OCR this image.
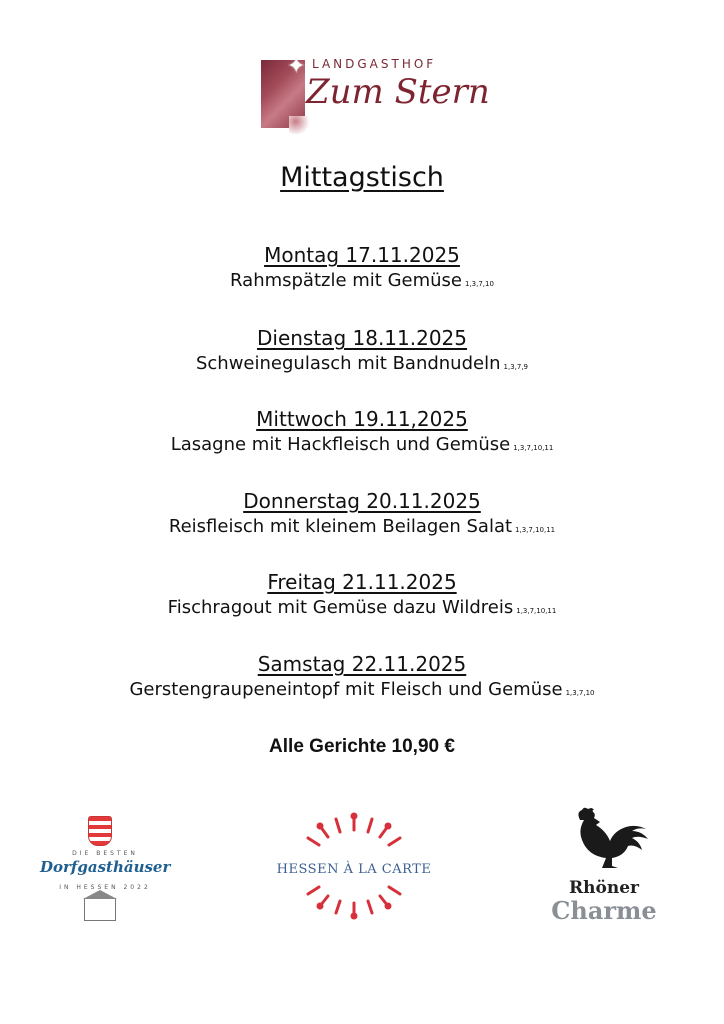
✦ LANDGASTHOF
Zum Stern
Mittagstisch
Montag 17.11.2025
Rahmspätzle mit Gemüse 1,3,7,10
Dienstag 18.11.2025
Schweinegulasch mit Bandnudeln 1,3,7,9
Mittwoch 19.11,2025
Lasagne mit Hackfleisch und Gemüse 1,3,7,10,11
Donnerstag 20.11.2025
Reisfleisch mit kleinem Beilagen Salat 1,3,7,10,11
Freitag 21.11.2025
Fischragout mit Gemüse dazu Wildreis 1,3,7,10,11
Samstag 22.11.2025
Gerstengraupeneintopf mit Fleisch und Gemüse 1,3,7,10
Alle Gerichte 10,90 €
DIE BESTEN
Dorfgasthäuser
IN HESSEN 2022
HESSEN À LA CARTE
Rhöner
Charme
